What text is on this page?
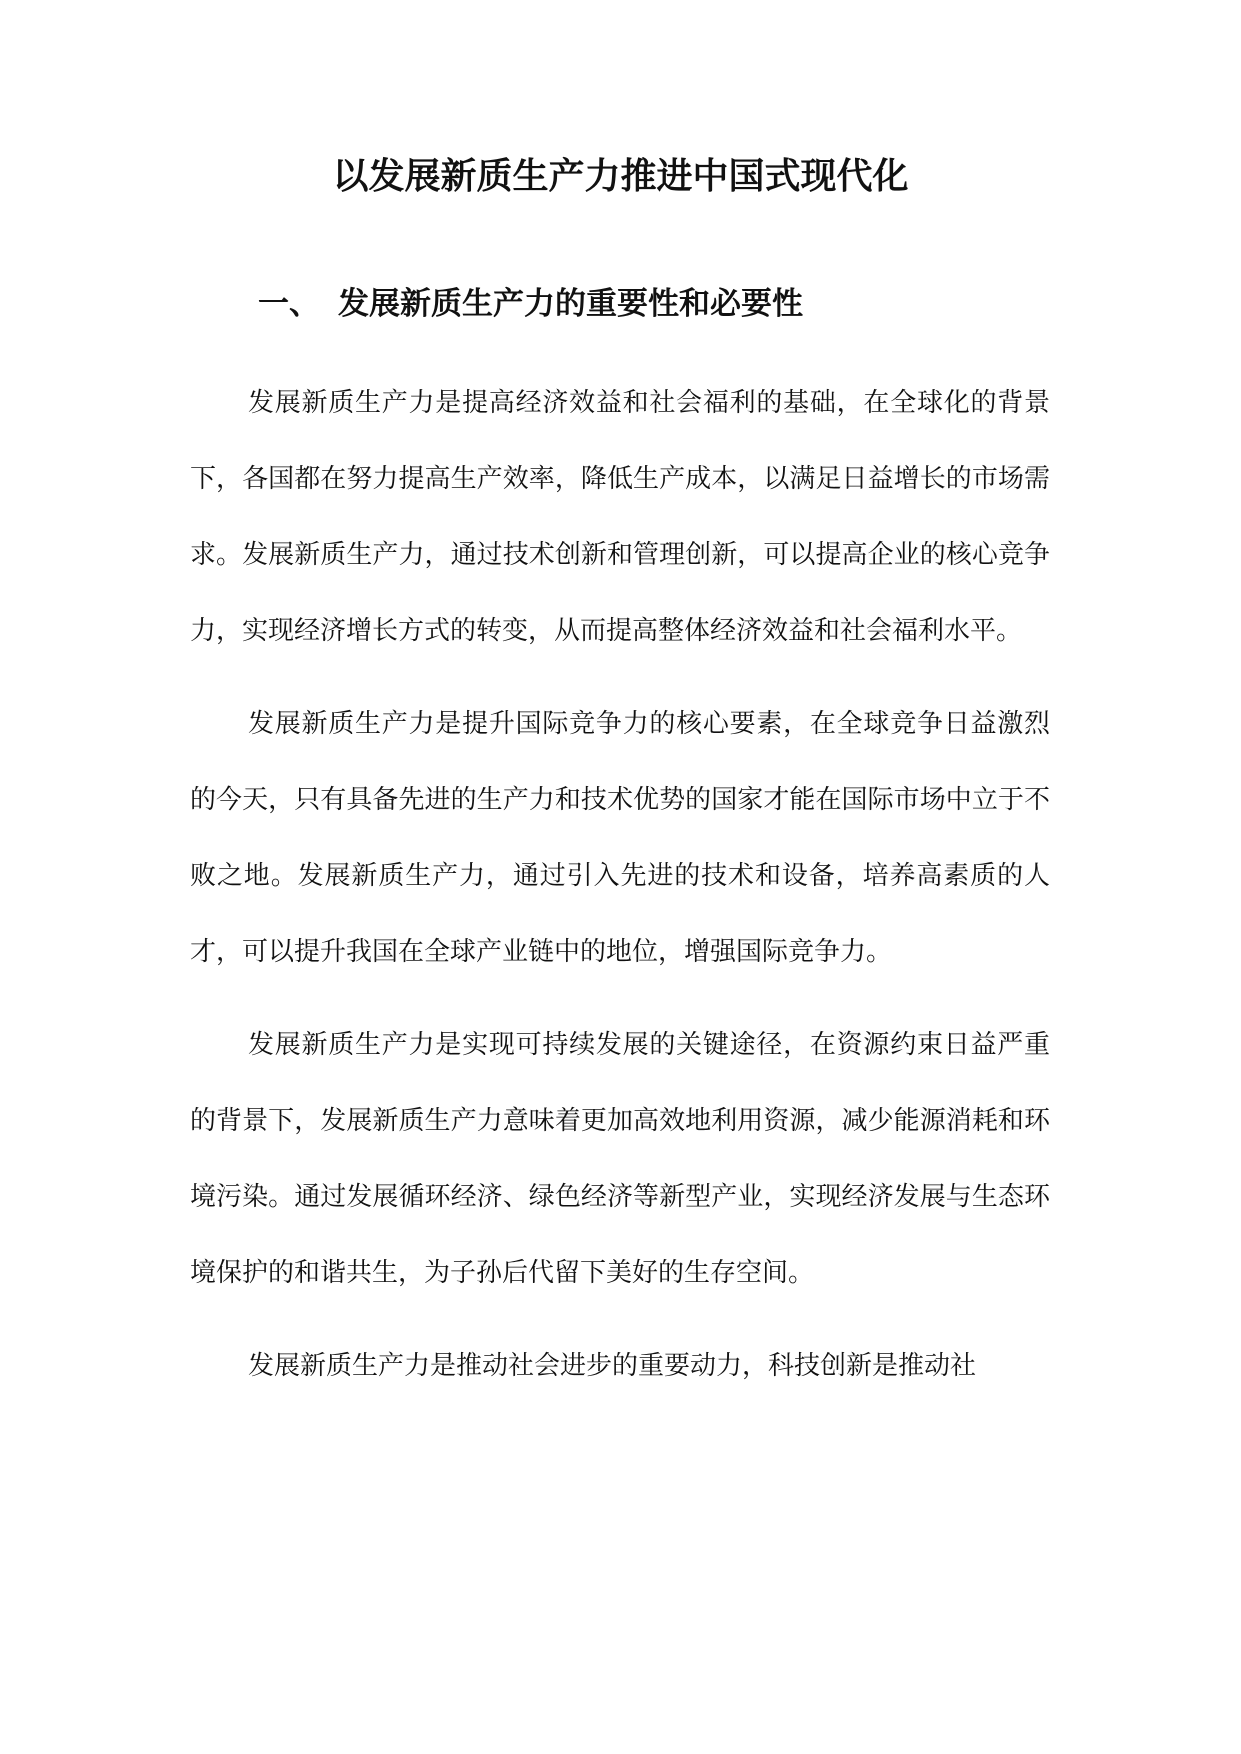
以发展新质生产力推进中国式现代化
一、 发展新质生产力的重要性和必要性

发展新质生产力是提高经济效益和社会福利的基础，在全球化的背景下，各国都在努力提高生产效率，降低生产成本，以满足日益增长的市场需求。发展新质生产力，通过技术创新和管理创新，可以提高企业的核心竞争力，实现经济增长方式的转变，从而提高整体经济效益和社会福利水平。

发展新质生产力是提升国际竞争力的核心要素，在全球竞争日益激烈的今天，只有具备先进的生产力和技术优势的国家才能在国际市场中立于不败之地。发展新质生产力，通过引入先进的技术和设备，培养高素质的人才，可以提升我国在全球产业链中的地位，增强国际竞争力。

发展新质生产力是实现可持续发展的关键途径，在资源约束日益严重的背景下，发展新质生产力意味着更加高效地利用资源，减少能源消耗和环境污染。通过发展循环经济、绿色经济等新型产业，实现经济发展与生态环境保护的和谐共生，为子孙后代留下美好的生存空间。

发展新质生产力是推动社会进步的重要动力，科技创新是推动社
